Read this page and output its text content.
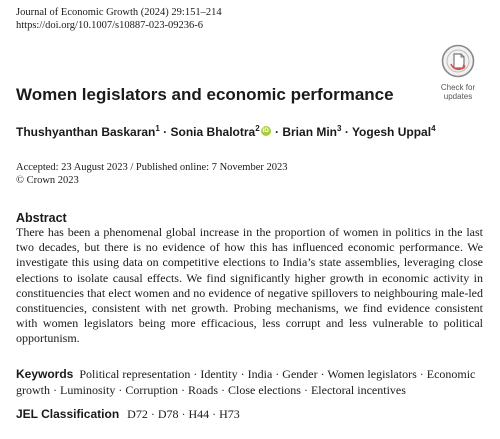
Journal of Economic Growth (2024) 29:151–214
https://doi.org/10.1007/s10887-023-09236-6
Check for
updates
Women legislators and economic performance
Thushyanthan Baskaran$^1$ · Sonia Bhalotra$^2$ iD · Brian Min$^3$ · Yogesh Uppal$^4$
Accepted: 23 August 2023 / Published online: 7 November 2023
© Crown 2023
Abstract

There has been a phenomenal global increase in the proportion of women in politics in the last two decades, but there is no evidence of how this has influenced economic performance. We investigate this using data on competitive elections to India’s state assemblies, leveraging close elections to isolate causal effects. We find significantly higher growth in economic activity in constituencies that elect women and no evidence of negative spillovers to neighbouring male-led constituencies, consistent with net growth. Probing mechanisms, we find evidence consistent with women legislators being more efficacious, less corrupt and less vulnerable to political opportunism.

Keywords Political representation · Identity · India · Gender · Women legislators · Economic growth · Luminosity · Corruption · Roads · Close elections · Electoral incentives

JEL Classification D72 · D78 · H44 · H73
